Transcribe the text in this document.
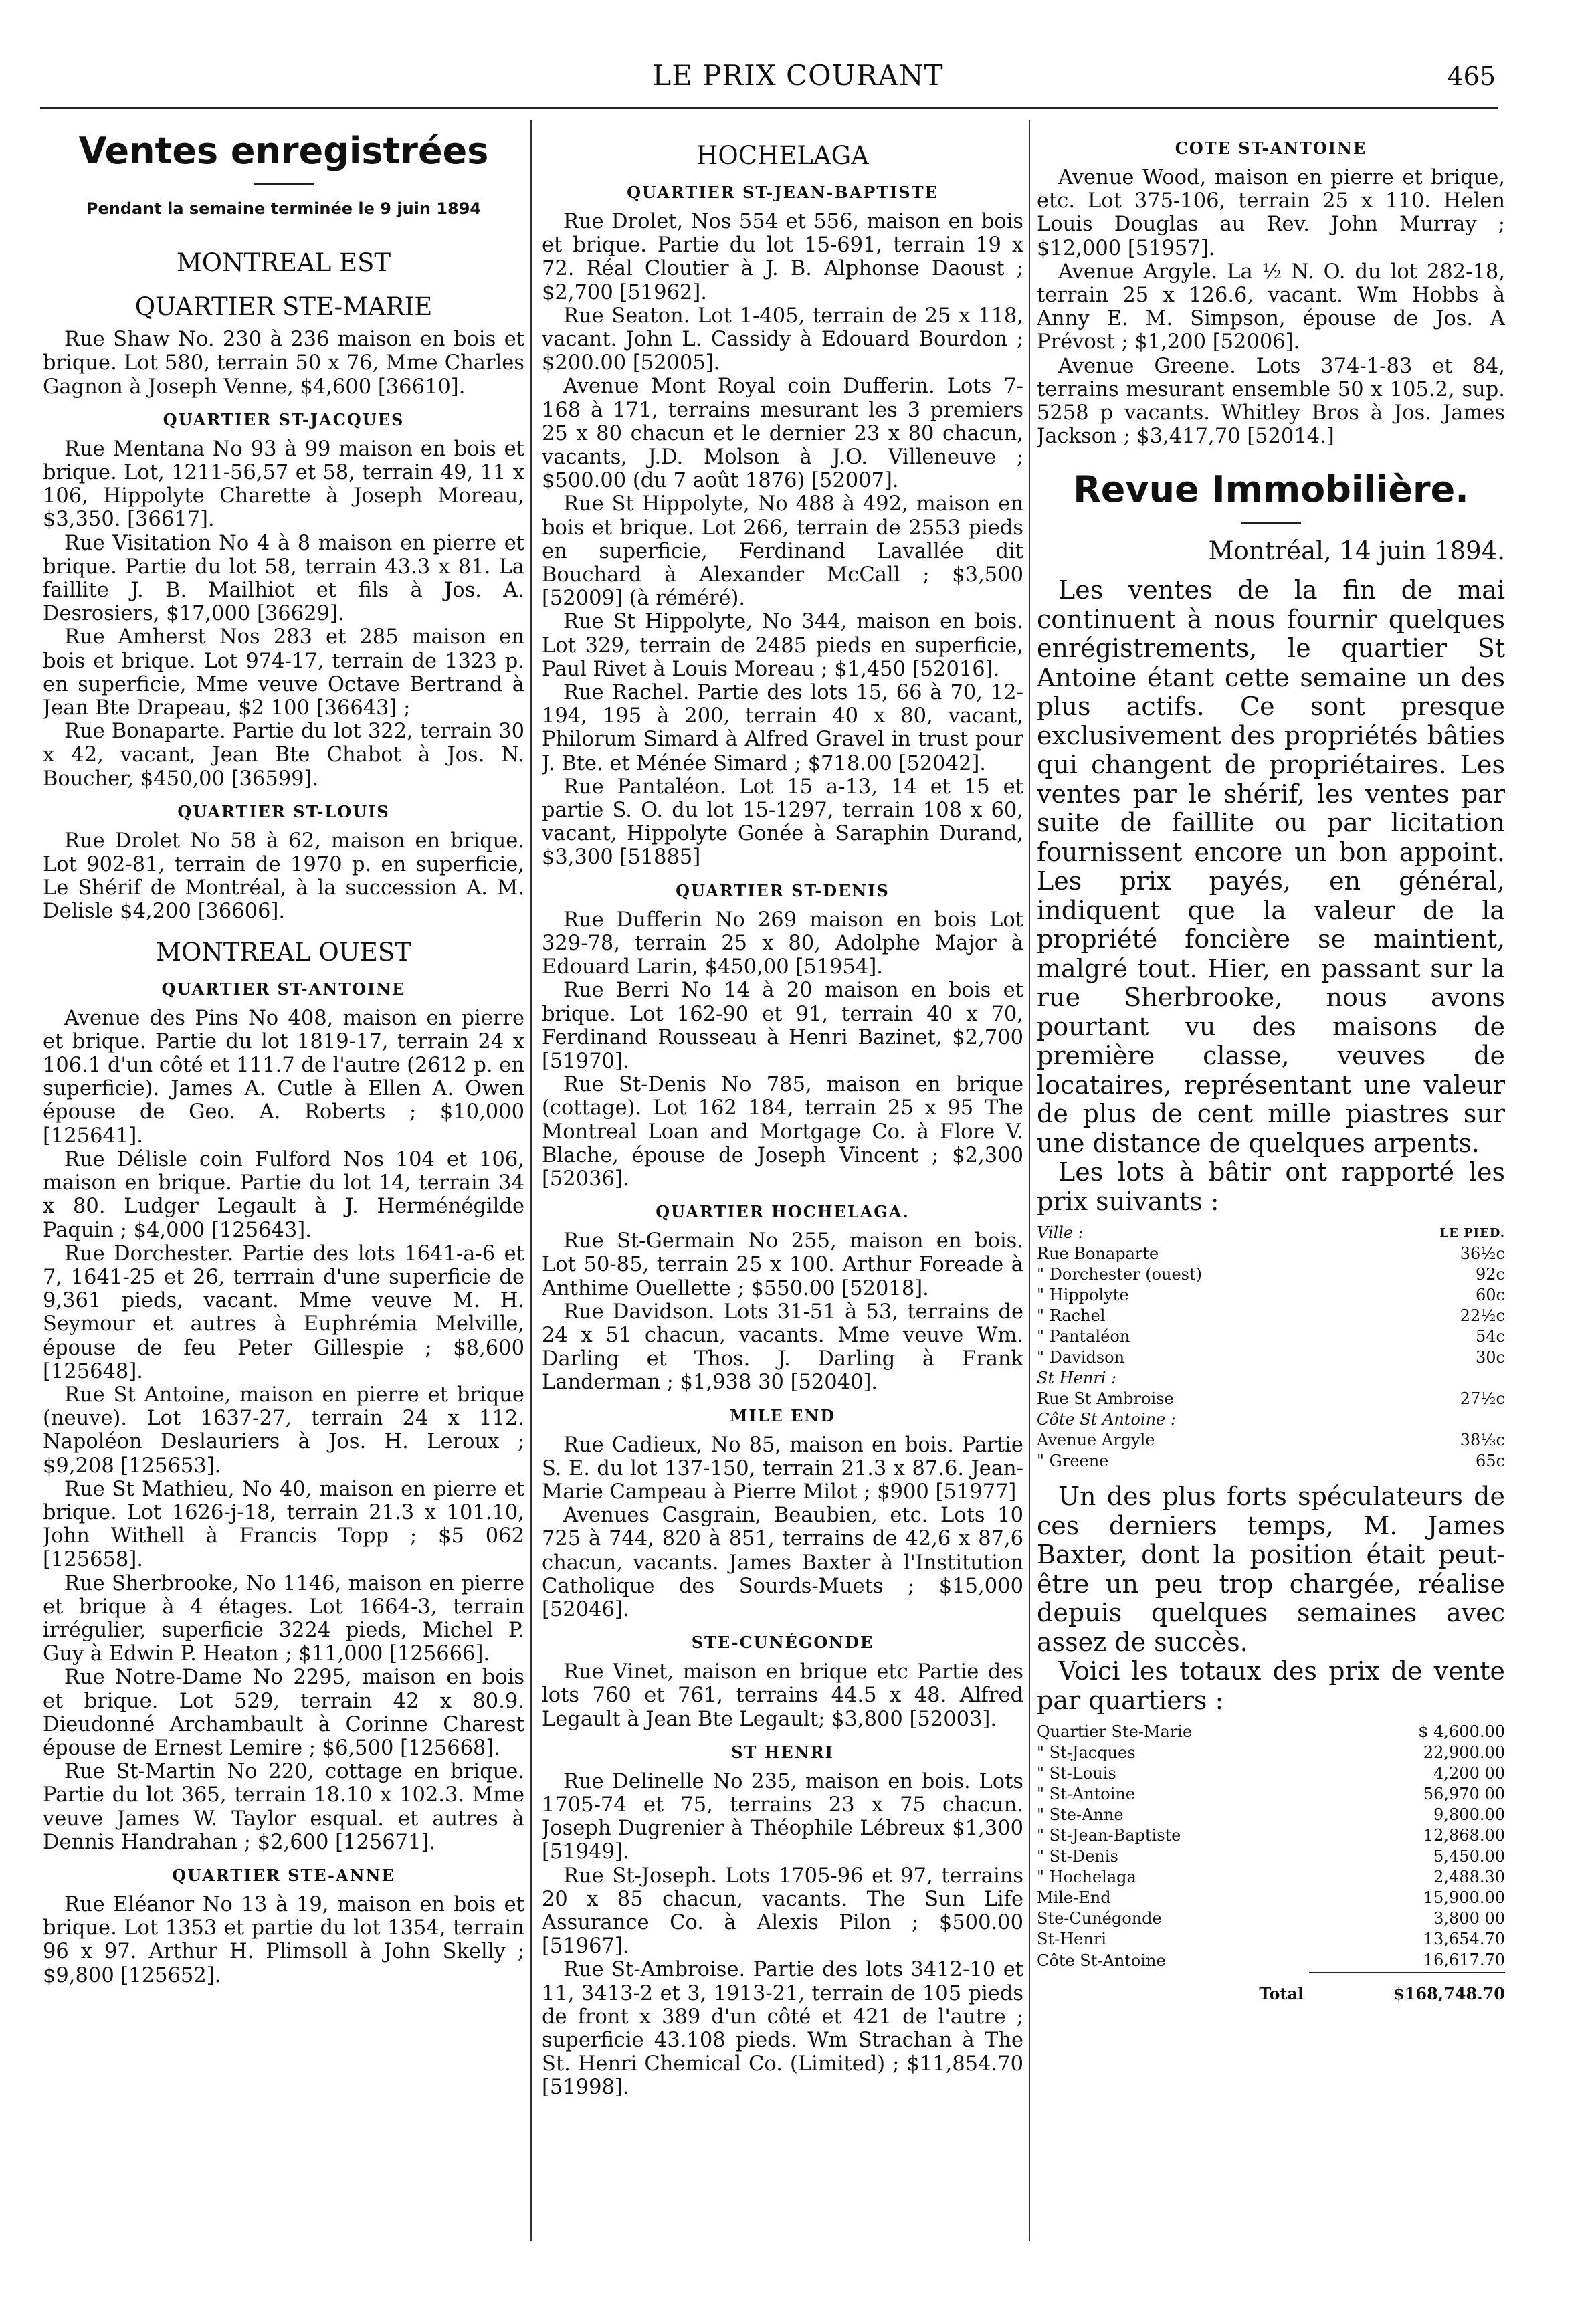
LE PRIX COURANT	465
Ventes enregistrées
Pendant la semaine terminée le 9 juin 1894
MONTREAL EST
QUARTIER STE-MARIE

Rue Shaw No. 230 à 236 maison en bois et brique. Lot 580, terrain 50 x 76, Mme Charles Gagnon à Joseph Venne, $4,600 [36610].

QUARTIER ST-JACQUES

Rue Mentana No 93 à 99 maison en bois et brique. Lot, 1211-56,57 et 58, terrain 49, 11 x 106, Hippolyte Charette à Joseph Moreau, $3,350. [36617].

Rue Visitation No 4 à 8 maison en pierre et brique. Partie du lot 58, terrain 43.3 x 81. La faillite J. B. Mailhiot et fils à Jos. A. Desrosiers, $17,000 [36629].

Rue Amherst Nos 283 et 285 maison en bois et brique. Lot 974-17, terrain de 1323 p. en superficie, Mme veuve Octave Bertrand à Jean Bte Drapeau, $2 100 [36643] ;

Rue Bonaparte. Partie du lot 322, terrain 30 x 42, vacant, Jean Bte Chabot à Jos. N. Boucher, $450,00 [36599].

QUARTIER ST-LOUIS

Rue Drolet No 58 à 62, maison en brique. Lot 902-81, terrain de 1970 p. en superficie, Le Shérif de Montréal, à la succession A. M. Delisle $4,200 [36606].

MONTREAL OUEST
QUARTIER ST-ANTOINE

Avenue des Pins No 408, maison en pierre et brique. Partie du lot 1819-17, terrain 24 x 106.1 d'un côté et 111.7 de l'autre (2612 p. en superficie). James A. Cutle à Ellen A. Owen épouse de Geo. A. Roberts ; $10,000 [125641].

Rue Délisle coin Fulford Nos 104 et 106, maison en brique. Partie du lot 14, terrain 34 x 80. Ludger Legault à J. Herménégilde Paquin ; $4,000 [125643].

Rue Dorchester. Partie des lots 1641-a-6 et 7, 1641-25 et 26, terrrain d'une superficie de 9,361 pieds, vacant. Mme veuve M. H. Seymour et autres à Euphrémia Melville, épouse de feu Peter Gillespie ; $8,600 [125648].

Rue St Antoine, maison en pierre et brique (neuve). Lot 1637-27, terrain 24 x 112. Napoléon Deslauriers à Jos. H. Leroux ; $9,208 [125653].

Rue St Mathieu, No 40, maison en pierre et brique. Lot 1626-j-18, terrain 21.3 x 101.10, John Withell à Francis Topp ; $5 062 [125658].

Rue Sherbrooke, No 1146, maison en pierre et brique à 4 étages. Lot 1664-3, terrain irrégulier, superficie 3224 pieds, Michel P. Guy à Edwin P. Heaton ; $11,000 [125666].

Rue Notre-Dame No 2295, maison en bois et brique. Lot 529, terrain 42 x 80.9. Dieudonné Archambault à Corinne Charest épouse de Ernest Lemire ; $6,500 [125668].

Rue St-Martin No 220, cottage en brique. Partie du lot 365, terrain 18.10 x 102.3. Mme veuve James W. Taylor esqual. et autres à Dennis Handrahan ; $2,600 [125671].

QUARTIER STE-ANNE

Rue Eléanor No 13 à 19, maison en bois et brique. Lot 1353 et partie du lot 1354, terrain 96 x 97. Arthur H. Plimsoll à John Skelly ; $9,800 [125652].

HOCHELAGA
QUARTIER ST-JEAN-BAPTISTE

Rue Drolet, Nos 554 et 556, maison en bois et brique. Partie du lot 15-691, terrain 19 x 72. Réal Cloutier à J. B. Alphonse Daoust ; $2,700 [51962].

Rue Seaton. Lot 1-405, terrain de 25 x 118, vacant. John L. Cassidy à Edouard Bourdon ; $200.00 [52005].

Avenue Mont Royal coin Dufferin. Lots 7-168 à 171, terrains mesurant les 3 premiers 25 x 80 chacun et le dernier 23 x 80 chacun, vacants, J.D. Molson à J.O. Villeneuve ; $500.00 (du 7 août 1876) [52007].

Rue St Hippolyte, No 488 à 492, maison en bois et brique. Lot 266, terrain de 2553 pieds en superficie, Ferdinand Lavallée dit Bouchard à Alexander McCall ; $3,500 [52009] (à réméré).

Rue St Hippolyte, No 344, maison en bois. Lot 329, terrain de 2485 pieds en superficie, Paul Rivet à Louis Moreau ; $1,450 [52016].

Rue Rachel. Partie des lots 15, 66 à 70, 12-194, 195 à 200, terrain 40 x 80, vacant, Philorum Simard à Alfred Gravel in trust pour J. Bte. et Ménée Simard ; $718.00 [52042].

Rue Pantaléon. Lot 15 a-13, 14 et 15 et partie S. O. du lot 15-1297, terrain 108 x 60, vacant, Hippolyte Gonée à Saraphin Durand, $3,300 [51885]

QUARTIER ST-DENIS

Rue Dufferin No 269 maison en bois Lot 329-78, terrain 25 x 80, Adolphe Major à Edouard Larin, $450,00 [51954].

Rue Berri No 14 à 20 maison en bois et brique. Lot 162-90 et 91, terrain 40 x 70, Ferdinand Rousseau à Henri Bazinet, $2,700 [51970].

Rue St-Denis No 785, maison en brique (cottage). Lot 162 184, terrain 25 x 95 The Montreal Loan and Mortgage Co. à Flore V. Blache, épouse de Joseph Vincent ; $2,300 [52036].

QUARTIER HOCHELAGA.

Rue St-Germain No 255, maison en bois. Lot 50-85, terrain 25 x 100. Arthur Foreade à Anthime Ouellette ; $550.00 [52018].

Rue Davidson. Lots 31-51 à 53, terrains de 24 x 51 chacun, vacants. Mme veuve Wm. Darling et Thos. J. Darling à Frank Landerman ; $1,938 30 [52040].

MILE END

Rue Cadieux, No 85, maison en bois. Partie S. E. du lot 137-150, terrain 21.3 x 87.6. Jean-Marie Campeau à Pierre Milot ; $900 [51977]

Avenues Casgrain, Beaubien, etc. Lots 10 725 à 744, 820 à 851, terrains de 42,6 x 87,6 chacun, vacants. James Baxter à l'Institution Catholique des Sourds-Muets ; $15,000 [52046].

STE-CUNÉGONDE

Rue Vinet, maison en brique etc Partie des lots 760 et 761, terrains 44.5 x 48. Alfred Legault à Jean Bte Legault; $3,800 [52003].

ST HENRI

Rue Delinelle No 235, maison en bois. Lots 1705-74 et 75, terrains 23 x 75 chacun. Joseph Dugrenier à Théophile Lébreux $1,300 [51949].

Rue St-Joseph. Lots 1705-96 et 97, terrains 20 x 85 chacun, vacants. The Sun Life Assurance Co. à Alexis Pilon ; $500.00 [51967].

Rue St-Ambroise. Partie des lots 3412-10 et 11, 3413-2 et 3, 1913-21, terrain de 105 pieds de front x 389 d'un côté et 421 de l'autre ; superficie 43.108 pieds. Wm Strachan à The St. Henri Chemical Co. (Limited) ; $11,854.70 [51998].

COTE ST-ANTOINE

Avenue Wood, maison en pierre et brique, etc. Lot 375-106, terrain 25 x 110. Helen Louis Douglas au Rev. John Murray ; $12,000 [51957].

Avenue Argyle. La ½ N. O. du lot 282-18, terrain 25 x 126.6, vacant. Wm Hobbs à Anny E. M. Simpson, épouse de Jos. A Prévost ; $1,200 [52006].

Avenue Greene. Lots 374-1-83 et 84, terrains mesurant ensemble 50 x 105.2, sup. 5258 p vacants. Whitley Bros à Jos. James Jackson ; $3,417,70 [52014.]

Revue Immobilière.
Montréal, 14 juin 1894.

Les ventes de la fin de mai continuent à nous fournir quelques enrégistrements, le quartier St Antoine étant cette semaine un des plus actifs. Ce sont presque exclusivement des propriétés bâties qui changent de propriétaires. Les ventes par le shérif, les ventes par suite de faillite ou par licitation fournissent encore un bon appoint. Les prix payés, en général, indiquent que la valeur de la propriété foncière se maintient, malgré tout. Hier, en passant sur la rue Sherbrooke, nous avons pourtant vu des maisons de première classe, veuves de locataires, représentant une valeur de plus de cent mille piastres sur une distance de quelques arpents.

Les lots à bâtir ont rapporté les prix suivants :

Ville :	LE PIED.
Rue Bonaparte	36½c
" Dorchester (ouest)	92c
" Hippolyte	60c
" Rachel	22½c
" Pantaléon	54c
" Davidson	30c
St Henri :	
Rue St Ambroise	27½c
Côte St Antoine :	
Avenue Argyle	38⅓c
" Greene	65c

Un des plus forts spéculateurs de ces derniers temps, M. James Baxter, dont la position était peut-être un peu trop chargée, réalise depuis quelques semaines avec assez de succès.

Voici les totaux des prix de vente par quartiers :

Quartier Ste-Marie	$ 4,600.00
" St-Jacques	22,900.00
" St-Louis	4,200 00
" St-Antoine	56,970 00
" Ste-Anne	9,800.00
" St-Jean-Baptiste	12,868.00
" St-Denis	5,450.00
" Hochelaga	2,488.30
Mile-End	15,900.00
Ste-Cunégonde	3,800 00
St-Henri	13,654.70
Côte St-Antoine	16,617.70
Total	$168,748.70
